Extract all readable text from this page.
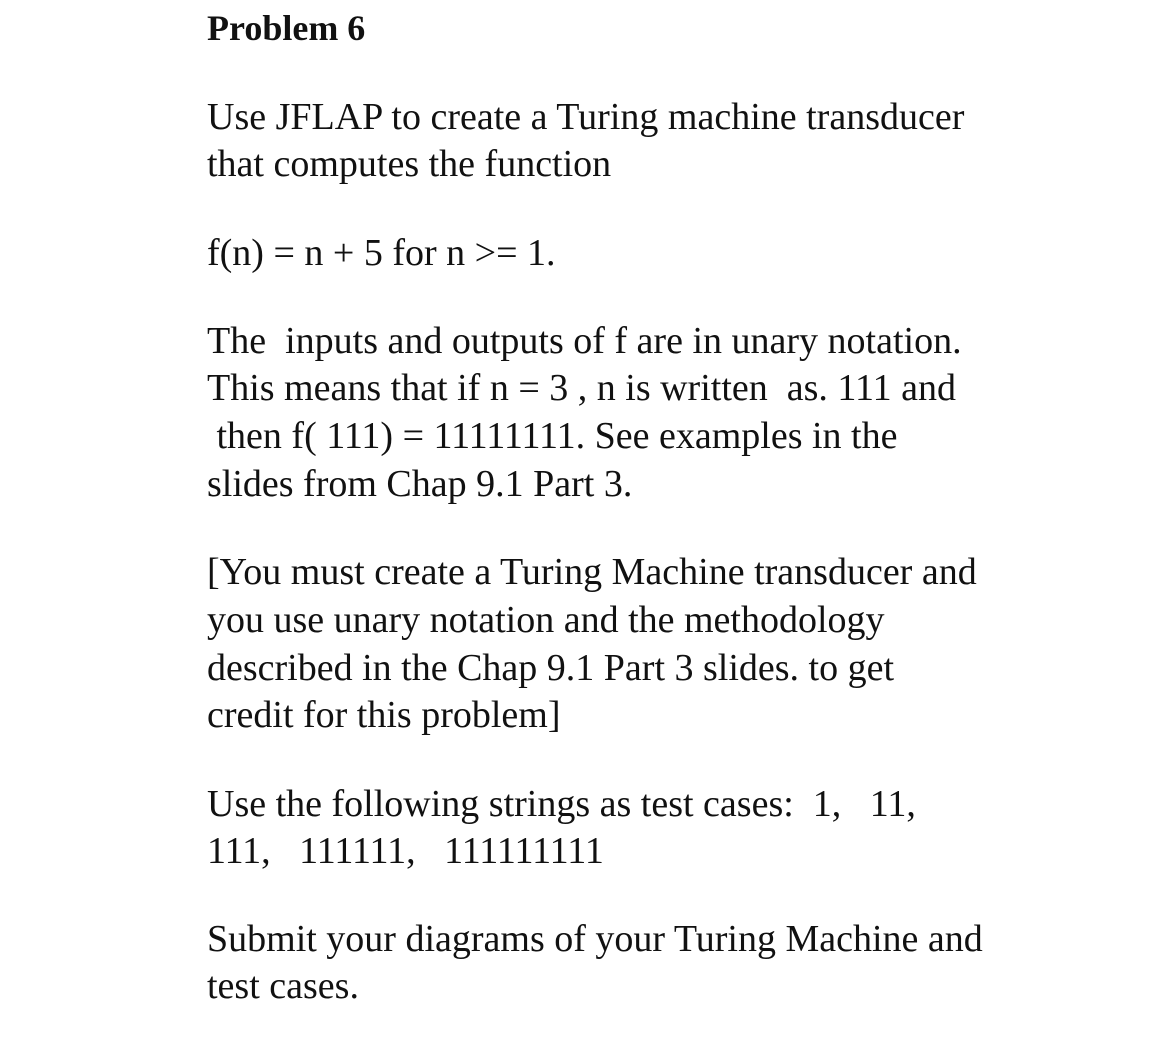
Problem 6

Use JFLAP to create a Turing machine transducer

that computes the function

f(n) = n + 5 for n >= 1.

The  inputs and outputs of f are in unary notation.

This means that if n = 3 , n is written  as. 111 and

then f( 111) = 11111111. See examples in the

slides from Chap 9.1 Part 3.

[You must create a Turing Machine transducer and

you use unary notation and the methodology

described in the Chap 9.1 Part 3 slides. to get

credit for this problem]

Use the following strings as test cases:  1,   11,

111,   111111,   111111111

Submit your diagrams of your Turing Machine and

test cases.
